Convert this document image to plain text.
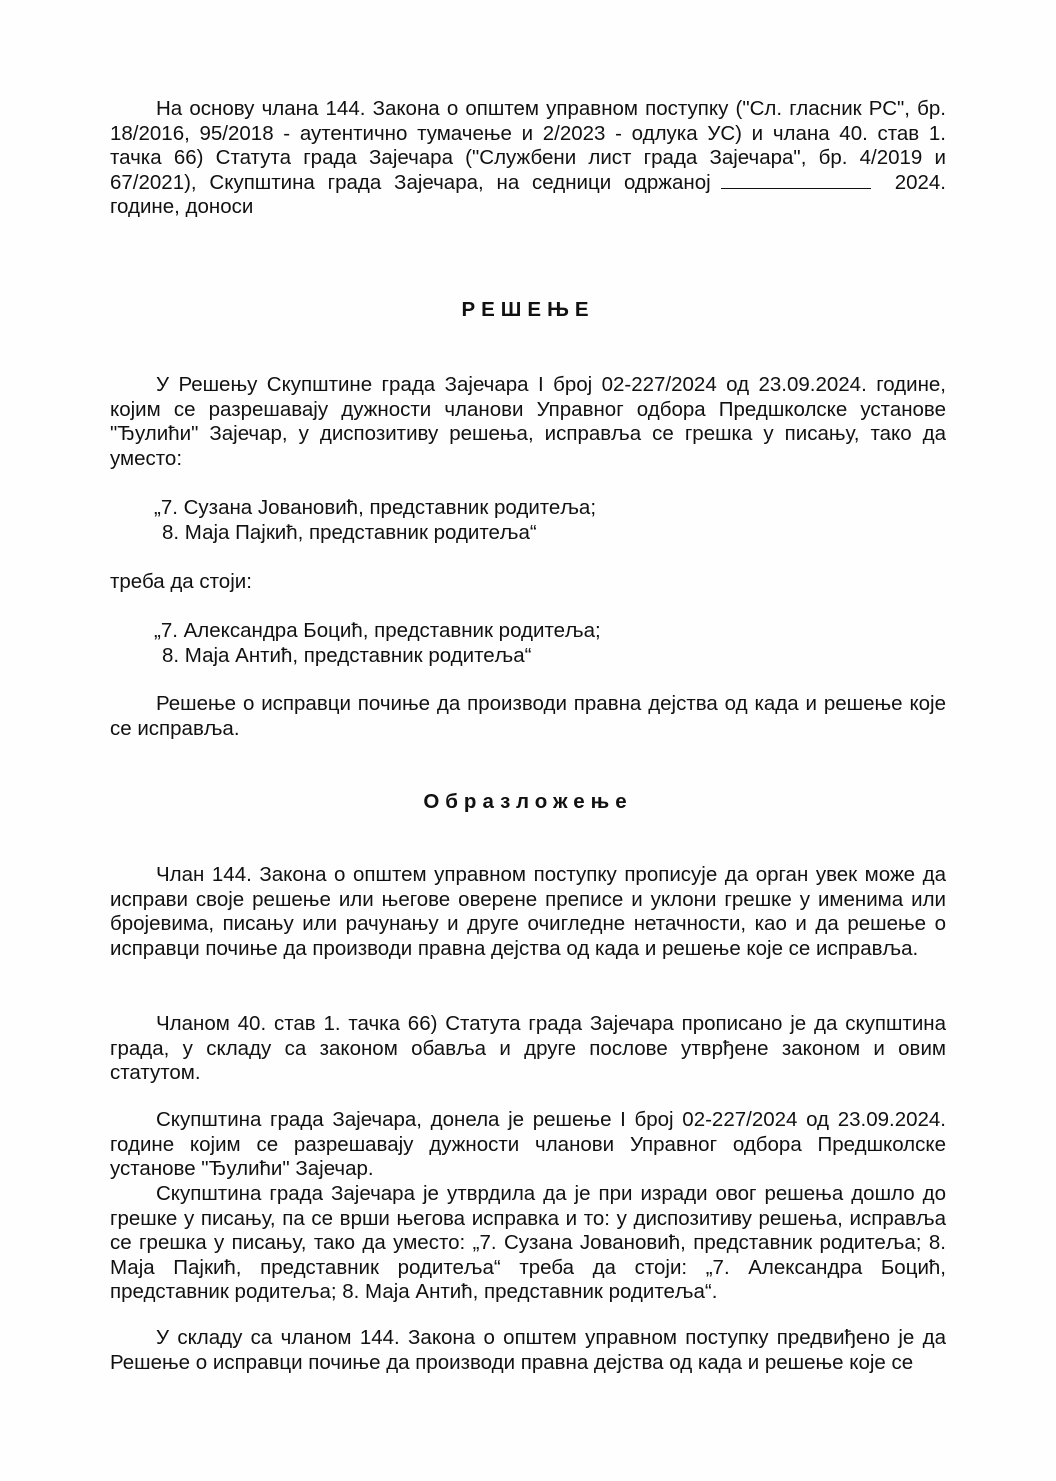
На основу члана 144. Закона о општем управном поступку ("Сл. гласник РС", бр. 18/2016, 95/2018 - аутентично тумачење и 2/2023 - одлука УС) и члана 40. став 1. тачка 66) Статута града Зајечара ("Службени лист града Зајечара", бр. 4/2019 и 67/2021), Скупштина града Зајечара, на седници одржаној	2024. године, доноси
РЕШЕЊЕ
У Решењу Скупштине града Зајечара I број 02-227/2024 од 23.09.2024. године, којим се разрешавају дужности чланови Управног одбора Предшколске установе "Ђулићи" Зајечар, у диспозитиву решења, исправља се грешка у писању, тако да уместо:
„7. Сузана Јовановић, представник родитеља;
8. Маја Пајкић, представник родитеља“
треба да стоји:
„7. Александра Боцић, представник родитеља;
8. Маја Антић, представник родитеља“
Решење о исправци почиње да производи правна дејства од када и решење које се исправља.
Образложење
Члан 144. Закона о општем управном поступку прописује да орган увек може да исправи своје решење или његове оверене преписе и уклони грешке у именима или бројевима, писању или рачунању и друге очигледне нетачности, као и да решење о исправци почиње да производи правна дејства од када и решење које се исправља.
Чланом 40. став 1. тачка 66) Статута града Зајечара прописано је да скупштина града, у складу са законом обавља и друге послове утврђене законом и овим статутом.
Скупштина града Зајечара, донела је решење I број 02-227/2024 од 23.09.2024. године којим се разрешавају дужности чланови Управног одбора Предшколске установе "Ђулићи" Зајечар.
Скупштина града Зајечара је утврдила да је при изради овог решења дошло до грешке у писању, па се врши његова исправка и то: у диспозитиву решења, исправља се грешка у писању, тако да уместо: „7. Сузана Јовановић, представник родитеља; 8. Маја Пајкић, представник родитеља“ треба да стоји: „7. Александра Боцић, представник родитеља; 8. Маја Антић, представник родитеља“.
У складу са чланом 144. Закона о општем управном поступку предвиђено је да Решење о исправци почиње да производи правна дејства од када и решење које се
